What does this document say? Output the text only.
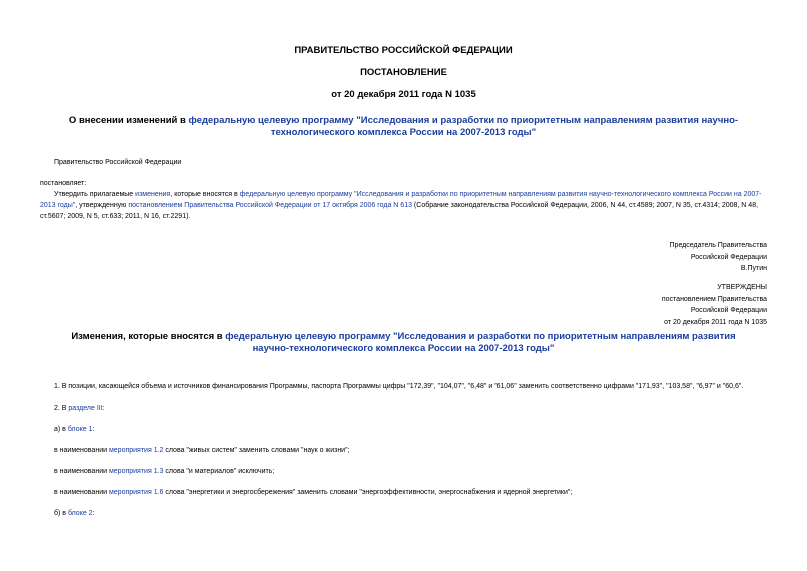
ПРАВИТЕЛЬСТВО РОССИЙСКОЙ ФЕДЕРАЦИИ
ПОСТАНОВЛЕНИЕ
от 20 декабря 2011 года N 1035
О внесении изменений в федеральную целевую программу "Исследования и разработки по приоритетным направлениям развития научно-технологического комплекса России на 2007-2013 годы"
Правительство Российской Федерации
постановляет:
Утвердить прилагаемые изменения, которые вносятся в федеральную целевую программу "Исследования и разработки по приоритетным направлениям развития научно-технологического комплекса России на 2007-2013 годы", утвержденную постановлением Правительства Российской Федерации от 17 октября 2006 года N 613 (Собрание законодательства Российской Федерации, 2006, N 44, ст.4589; 2007, N 35, ст.4314; 2008, N 48, ст.5607; 2009, N 5, ст.633; 2011, N 16, ст.2291).
Председатель Правительства
Российской Федерации
В.Путин
УТВЕРЖДЕНЫ
постановлением Правительства
Российской Федерации
от 20 декабря 2011 года N 1035
Изменения, которые вносятся в федеральную целевую программу "Исследования и разработки по приоритетным направлениям развития научно-технологического комплекса России на 2007-2013 годы"
1. В позиции, касающейся объема и источников финансирования Программы, паспорта Программы цифры "172,39", "104,07", "6,48" и "61,06" заменить соответственно цифрами "171,93", "103,58", "6,97" и "60,6".
2. В разделе III:
а) в блоке 1:
в наименовании мероприятия 1.2 слова "живых систем" заменить словами "наук о жизни";
в наименовании мероприятия 1.3 слова "и материалов" исключить;
в наименовании мероприятия 1.6 слова "энергетики и энергосбережения" заменить словами "энергоэффективности, энергоснабжения и ядерной энергетики";
б) в блоке 2:
